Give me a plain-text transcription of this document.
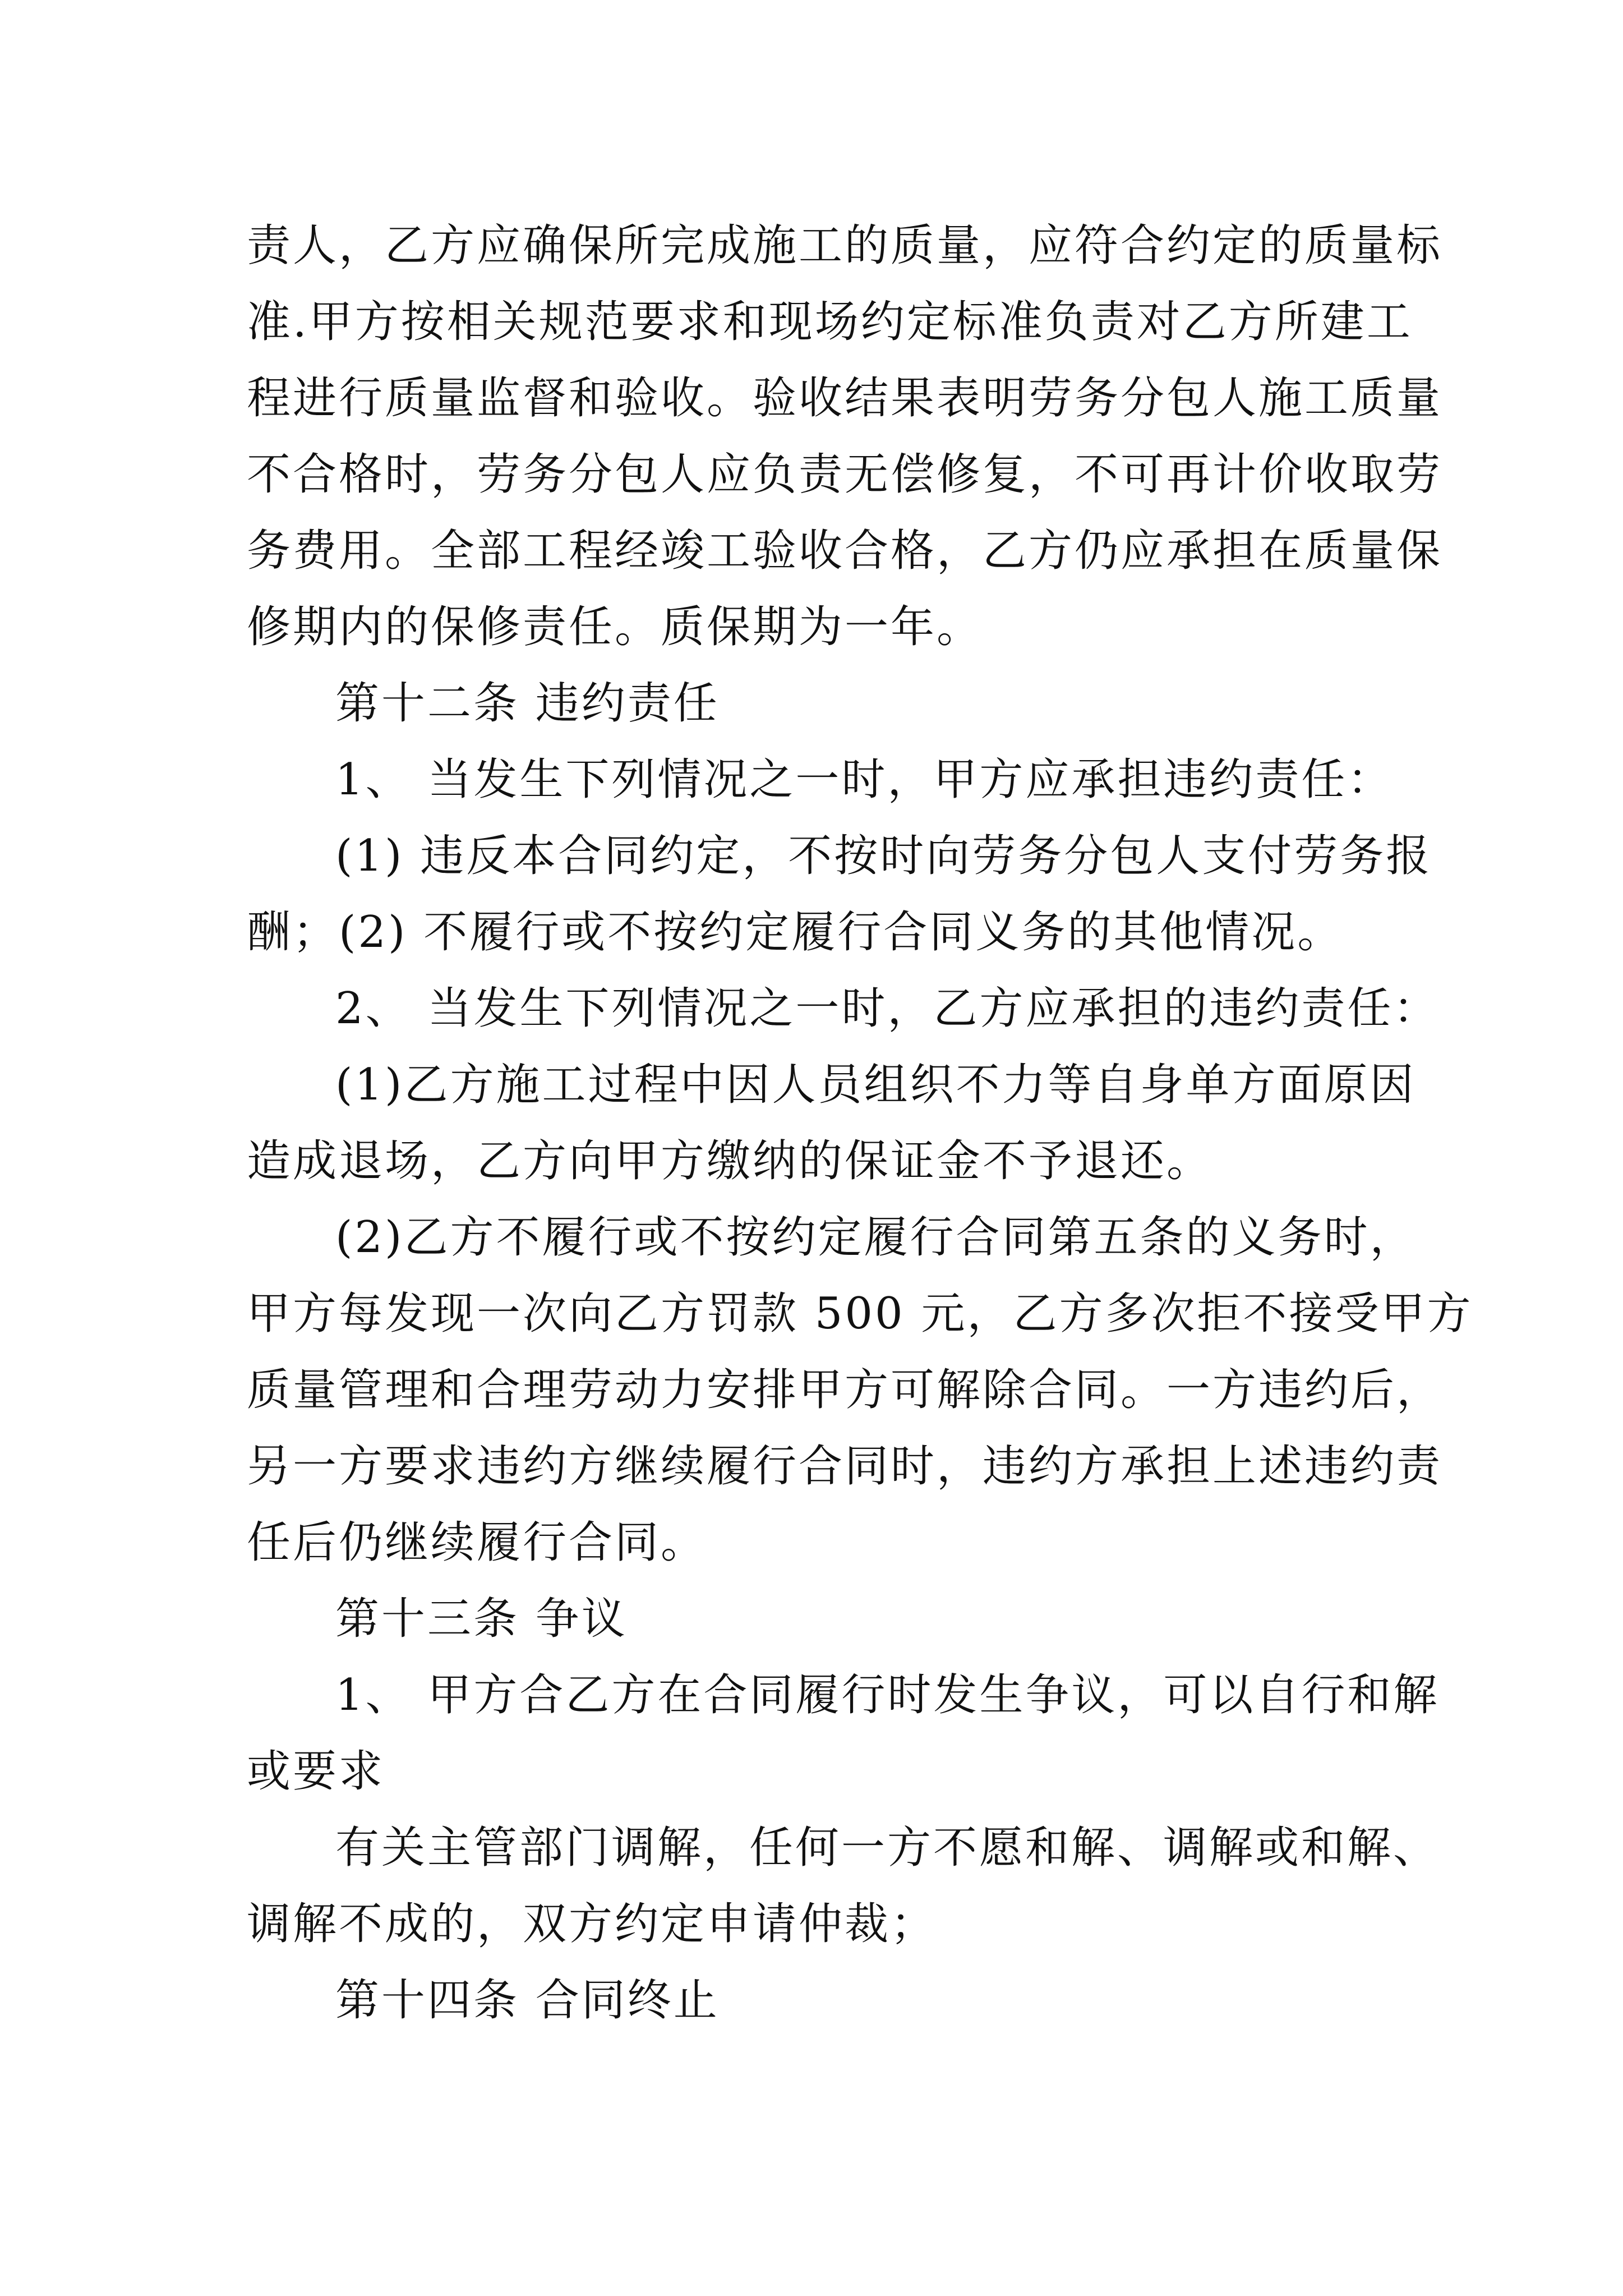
责人，乙方应确保所完成施工的质量，应符合约定的质量标
准.甲方按相关规范要求和现场约定标准负责对乙方所建工
程进行质量监督和验收。验收结果表明劳务分包人施工质量
不合格时，劳务分包人应负责无偿修复，不可再计价收取劳
务费用。全部工程经竣工验收合格，乙方仍应承担在质量保
修期内的保修责任。质保期为一年。
第十二条 违约责任
1、 当发生下列情况之一时，甲方应承担违约责任：
(1) 违反本合同约定，不按时向劳务分包人支付劳务报
酬；(2) 不履行或不按约定履行合同义务的其他情况。
2、 当发生下列情况之一时，乙方应承担的违约责任：
(1)乙方施工过程中因人员组织不力等自身单方面原因
造成退场，乙方向甲方缴纳的保证金不予退还。
(2)乙方不履行或不按约定履行合同第五条的义务时，
甲方每发现一次向乙方罚款 500 元，乙方多次拒不接受甲方
质量管理和合理劳动力安排甲方可解除合同。一方违约后，
另一方要求违约方继续履行合同时，违约方承担上述违约责
任后仍继续履行合同。
第十三条 争议
1、 甲方合乙方在合同履行时发生争议，可以自行和解
或要求
有关主管部门调解，任何一方不愿和解、调解或和解、
调解不成的，双方约定申请仲裁；
第十四条 合同终止
